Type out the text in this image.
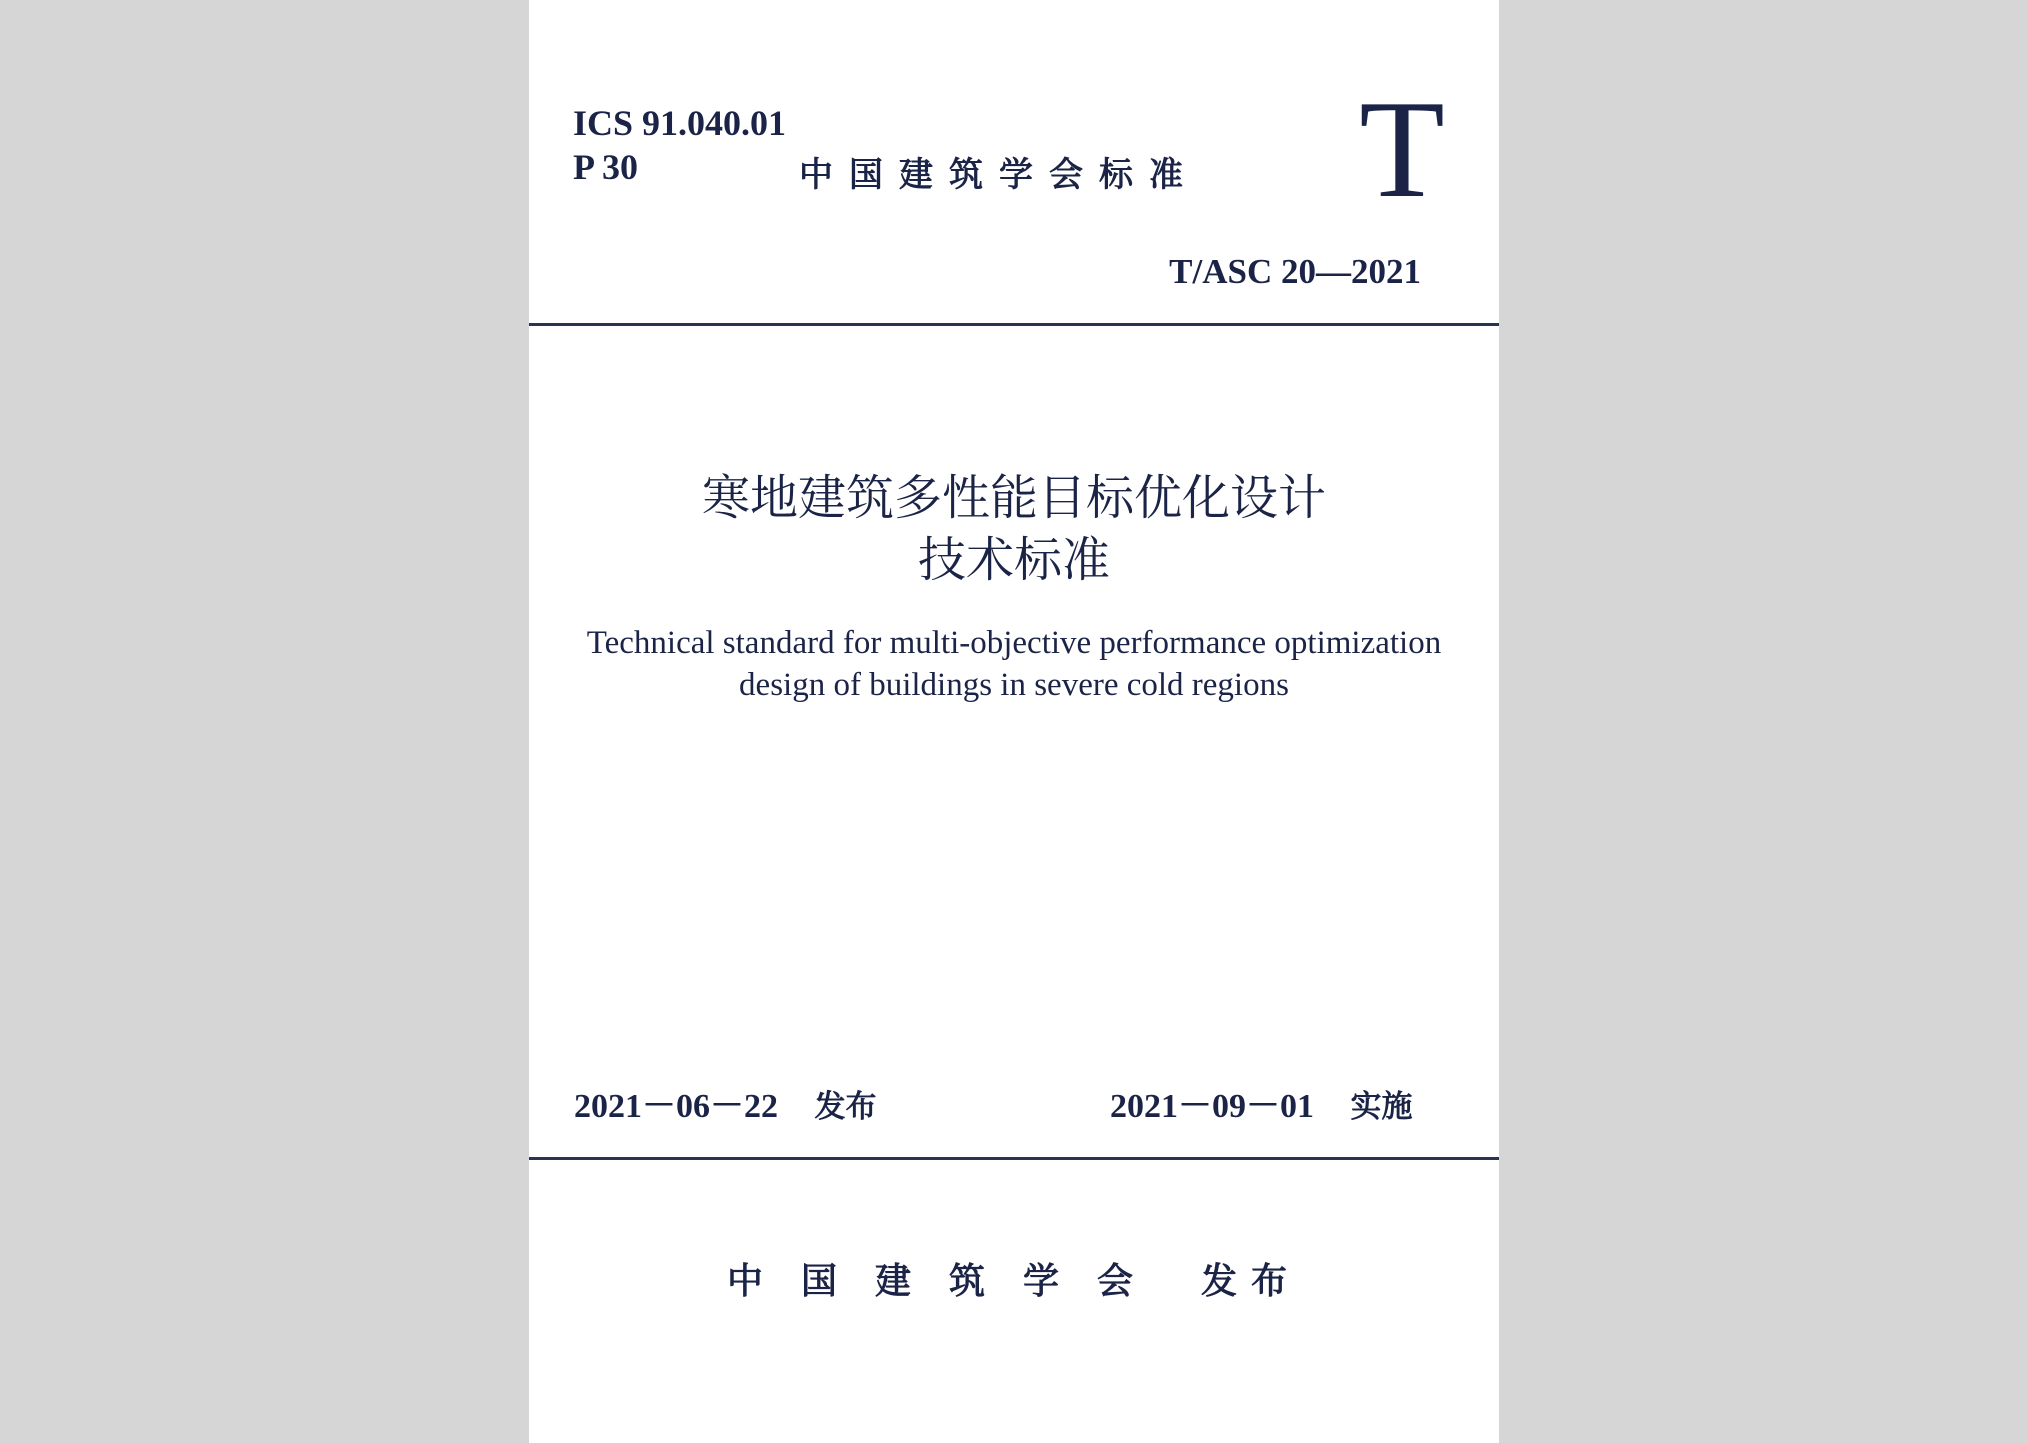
ICS 91.040.01

P 30	中国建筑学会标准 T

T/ASC 20—2021

寒地建筑多性能目标优化设计

技术标准

Technical standard for multi-objective performance optimization

design of buildings in severe cold regions

2021－06－22 发布	2021－09－01 实施

中国建筑学会 发布
